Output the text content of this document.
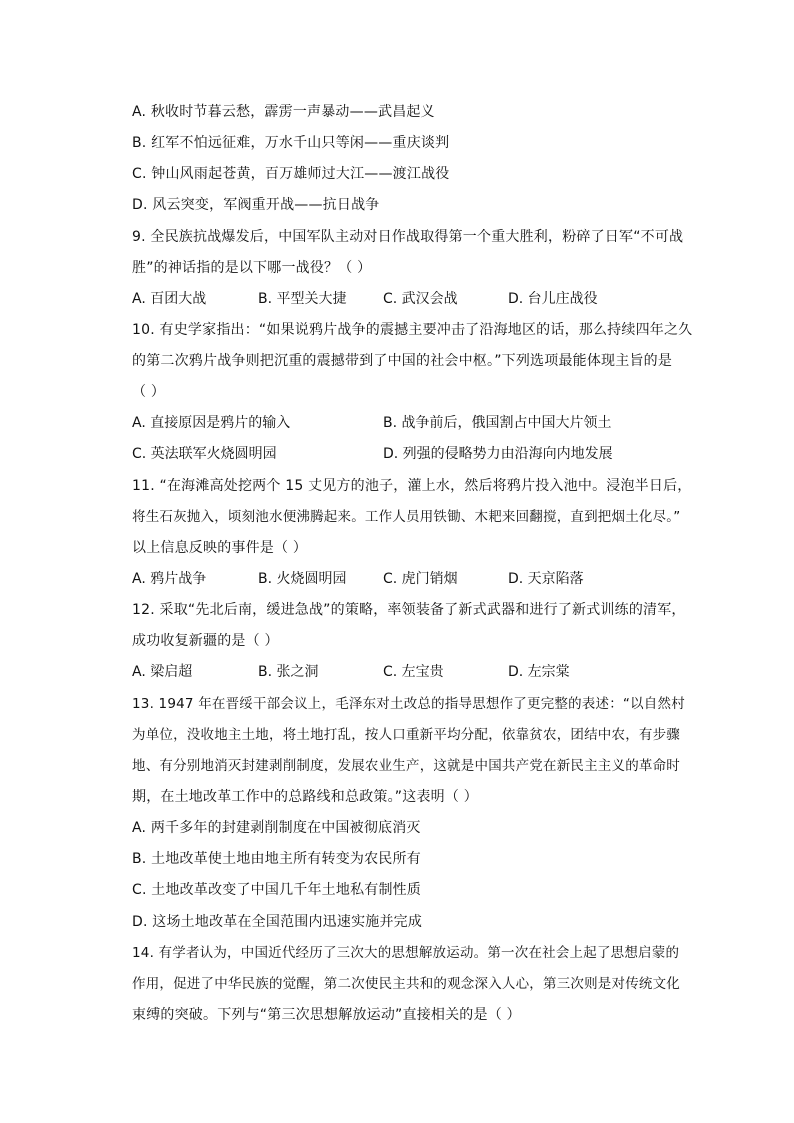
A. 秋收时节暮云愁，霹雳一声暴动——武昌起义
B. 红军不怕远征难，万水千山只等闲——重庆谈判
C. 钟山风雨起苍黄，百万雄师过大江——渡江战役
D. 风云突变，军阀重开战——抗日战争
9. 全民族抗战爆发后，中国军队主动对日作战取得第一个重大胜利，粉碎了日军“不可战
胜”的神话指的是以下哪一战役？（ ）
A. 百团大战	B. 平型关大捷	C. 武汉会战	D. 台儿庄战役
10. 有史学家指出：“如果说鸦片战争的震撼主要冲击了沿海地区的话，那么持续四年之久
的第二次鸦片战争则把沉重的震撼带到了中国的社会中枢。”下列选项最能体现主旨的是
（ ）
A. 直接原因是鸦片的输入	B. 战争前后，俄国割占中国大片领土
C. 英法联军火烧圆明园	D. 列强的侵略势力由沿海向内地发展
11. “在海滩高处挖两个 15 丈见方的池子，灌上水，然后将鸦片投入池中。浸泡半日后，
将生石灰抛入，顷刻池水便沸腾起来。工作人员用铁锄、木耙来回翻搅，直到把烟土化尽。”
以上信息反映的事件是（ ）
A. 鸦片战争	B. 火烧圆明园	C. 虎门销烟	D. 天京陷落
12. 采取“先北后南，缓进急战”的策略，率领装备了新式武器和进行了新式训练的清军，
成功收复新疆的是（ ）
A. 梁启超	B. 张之洞	C. 左宝贵	D. 左宗棠
13. 1947 年在晋绥干部会议上，毛泽东对土改总的指导思想作了更完整的表述：“以自然村
为单位，没收地主土地，将土地打乱，按人口重新平均分配，依靠贫农，团结中农，有步骤
地、有分别地消灭封建剥削制度，发展农业生产，这就是中国共产党在新民主主义的革命时
期，在土地改革工作中的总路线和总政策。”这表明（ ）
A. 两千多年的封建剥削制度在中国被彻底消灭
B. 土地改革使土地由地主所有转变为农民所有
C. 土地改革改变了中国几千年土地私有制性质
D. 这场土地改革在全国范围内迅速实施并完成
14. 有学者认为，中国近代经历了三次大的思想解放运动。第一次在社会上起了思想启蒙的
作用，促进了中华民族的觉醒，第二次使民主共和的观念深入人心，第三次则是对传统文化
束缚的突破。下列与“第三次思想解放运动”直接相关的是（ ）
